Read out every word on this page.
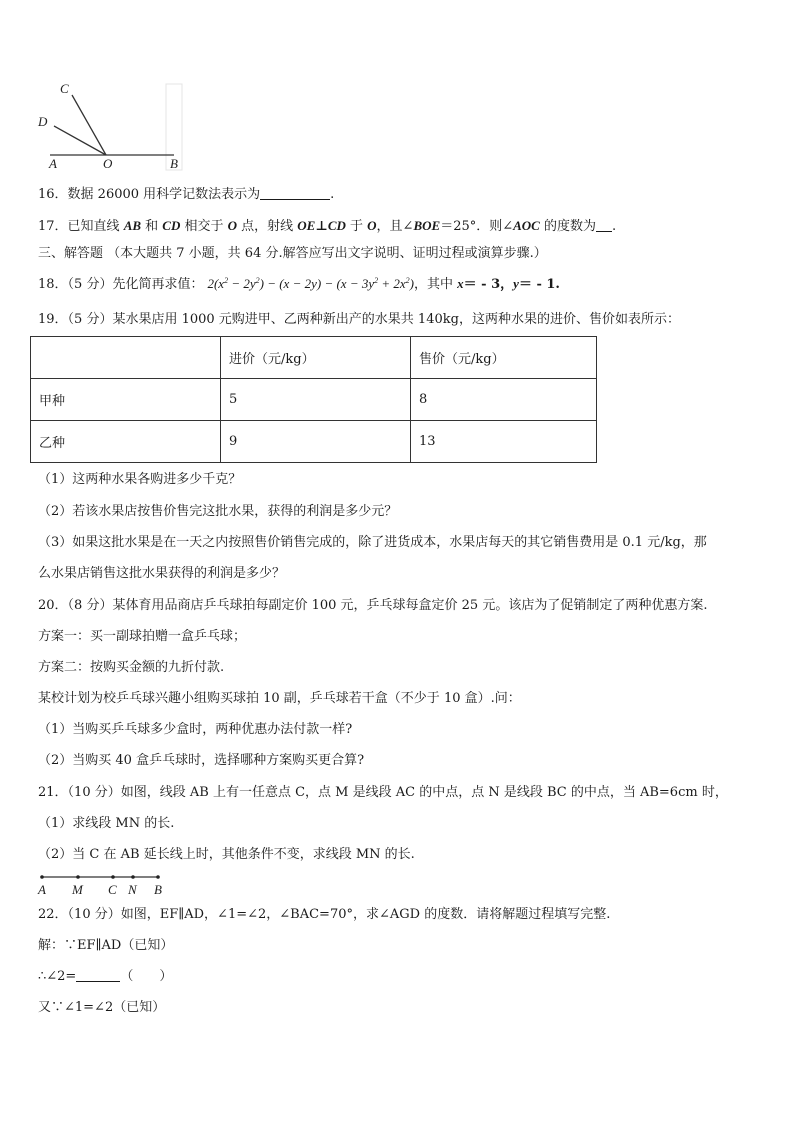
C
D
A	O	B
16．数据 26000 用科学记数法表示为	.
17．已知直线 AB 和 CD 相交于 O 点，射线 OE⊥CD 于 O，且∠BOE＝25°．则∠AOC 的度数为 .
三、解答题 （本大题共 7 小题，共 64 分.解答应写出文字说明、证明过程或演算步骤.）
18．（5 分）先化简再求值： $2(x^2 - 2y^2) - (x - 2y) - (x - 3y^2 + 2x^2)$，其中 x＝ - 3，y＝ - 1.
19．（5 分）某水果店用 1000 元购进甲、乙两种新出产的水果共 140kg，这两种水果的进价、售价如表所示：
	进价（元/kg）	售价（元/kg）
甲种	5	8
乙种	9	13
（1）这两种水果各购进多少千克？
（2）若该水果店按售价售完这批水果，获得的利润是多少元？
（3）如果这批水果是在一天之内按照售价销售完成的，除了进货成本，水果店每天的其它销售费用是 0.1 元/kg，那
么水果店销售这批水果获得的利润是多少？
20．（8 分）某体育用品商店乒乓球拍每副定价 100 元，乒乓球每盒定价 25 元。该店为了促销制定了两种优惠方案.
方案一：买一副球拍赠一盒乒乓球；
方案二：按购买金额的九折付款.
某校计划为校乒乓球兴趣小组购买球拍 10 副，乒乓球若干盒（不少于 10 盒）.问：
（1）当购买乒乓球多少盒时，两种优惠办法付款一样?
（2）当购买 40 盒乒乓球时，选择哪种方案购买更合算?
21．（10 分）如图，线段 AB 上有一任意点 C，点 M 是线段 AC 的中点，点 N 是线段 BC 的中点，当 AB=6cm 时，
（1）求线段 MN 的长.
（2）当 C 在 AB 延长线上时，其他条件不变，求线段 MN 的长.
A M C N B
22．（10 分）如图，EF∥AD，∠1=∠2，∠BAC=70°，求∠AGD 的度数．请将解题过程填写完整.
解：∵EF∥AD（已知）
∴∠2=	（　　）
又∵∠1=∠2（已知）
